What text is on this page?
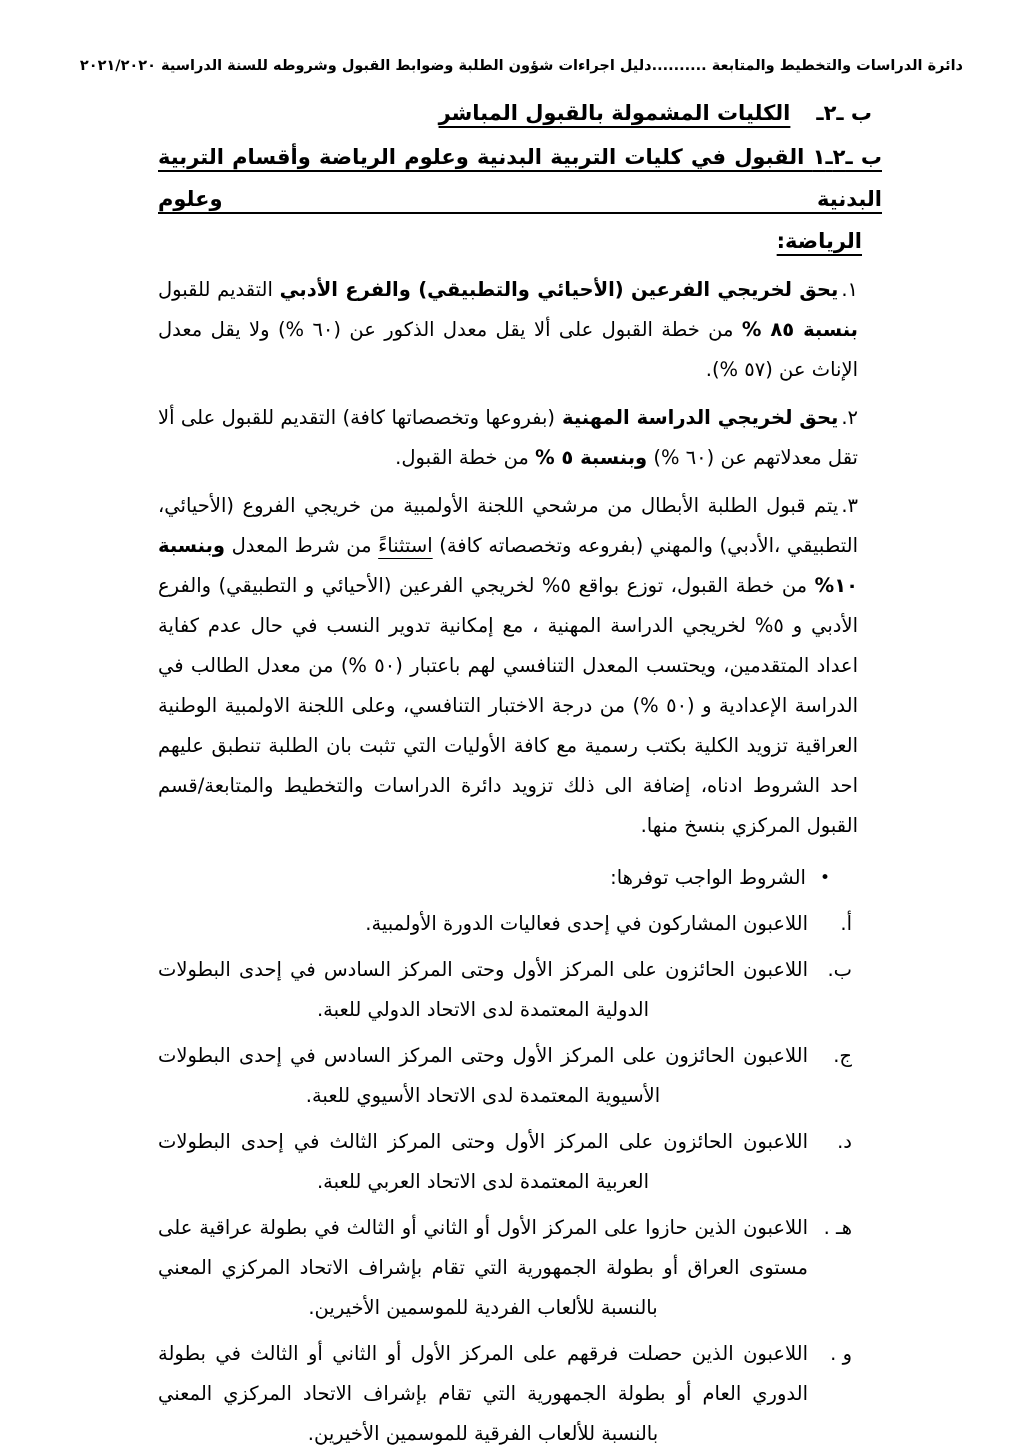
دائرة الدراسات والتخطيط والمتابعة ..........دليل اجراءات شؤون الطلبة وضوابط القبول وشروطه للسنة الدراسية ٢٠٢١/٢٠٢٠
ب ـ٢ـالكليات المشمولة بالقبول المباشر
ب ـ٢ـ١ القبول في كليات التربية البدنية وعلوم الرياضة وأقسام التربية البدنية وعلوم
الرياضة:
١.يحق لخريجي الفرعين (الأحيائي والتطبيقي) والفرع الأدبي التقديم للقبول بنسبة ٨٥ % من خطة القبول على ألا يقل معدل الذكور عن (٦٠ %) ولا يقل معدل الإناث عن (٥٧ %).
٢.يحق لخريجي الدراسة المهنية (بفروعها وتخصصاتها كافة) التقديم للقبول على ألا تقل معدلاتهم عن (٦٠ %) وبنسبة ٥ % من خطة القبول.
٣.يتم قبول الطلبة الأبطال من مرشحي اللجنة الأولمبية من خريجي الفروع (الأحيائي، التطبيقي ،الأدبي) والمهني (بفروعه وتخصصاته كافة) استثناءً من شرط المعدل وبنسبة ١٠% من خطة القبول، توزع بواقع ٥% لخريجي الفرعين (الأحيائي و التطبيقي) والفرع الأدبي و ٥% لخريجي الدراسة المهنية ، مع إمكانية تدوير النسب في حال عدم كفاية اعداد المتقدمين، ويحتسب المعدل التنافسي لهم باعتبار (٥٠ %) من معدل الطالب في الدراسة الإعدادية و (٥٠ %) من درجة الاختبار التنافسي، وعلى اللجنة الاولمبية الوطنية العراقية تزويد الكلية بكتب رسمية مع كافة الأوليات التي تثبت بان الطلبة تنطبق عليهم احد الشروط ادناه، إضافة الى ذلك تزويد دائرة الدراسات والتخطيط والمتابعة/قسم القبول المركزي بنسخ منها.
•الشروط الواجب توفرها:
أ.
اللاعبون المشاركون في إحدى فعاليات الدورة الأولمبية.
ب.
اللاعبون الحائزون على المركز الأول وحتى المركز السادس في إحدى البطولات الدولية المعتمدة لدى الاتحاد الدولي للعبة.
ج.
اللاعبون الحائزون على المركز الأول وحتى المركز السادس في إحدى البطولات الأسيوية المعتمدة لدى الاتحاد الأسيوي للعبة.
د.
اللاعبون الحائزون على المركز الأول وحتى المركز الثالث في إحدى البطولات العربية المعتمدة لدى الاتحاد العربي للعبة.
هـ .
اللاعبون الذين حازوا على المركز الأول أو الثاني أو الثالث في بطولة عراقية على مستوى العراق أو بطولة الجمهورية التي تقام بإشراف الاتحاد المركزي المعني بالنسبة للألعاب الفردية للموسمين الأخيرين.
و .
اللاعبون الذين حصلت فرقهم على المركز الأول أو الثاني أو الثالث في بطولة الدوري العام أو بطولة الجمهورية التي تقام بإشراف الاتحاد المركزي المعني بالنسبة للألعاب الفرقية للموسمين الأخيرين.
